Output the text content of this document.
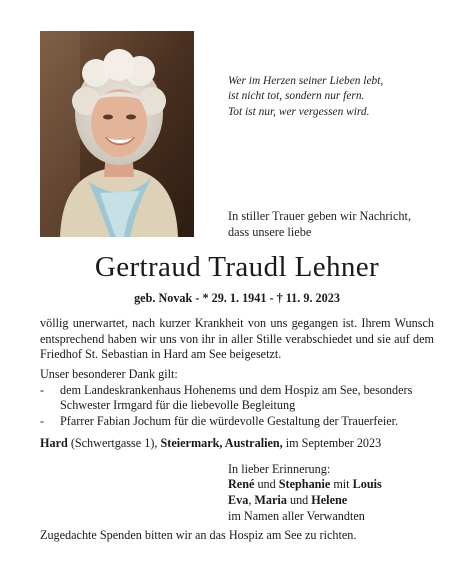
Wer im Herzen seiner Lieben lebt,
ist nicht tot, sondern nur fern.
Tot ist nur, wer vergessen wird.
In stiller Trauer geben wir Nachricht,
dass unsere liebe
Gertraud Traudl Lehner
geb. Novak - * 29. 1. 1941 - † 11. 9. 2023
völlig unerwartet, nach kurzer Krankheit von uns gegangen ist. Ihrem Wunsch entsprechend haben wir uns von ihr in aller Stille verabschiedet und sie auf dem Friedhof St. Sebastian in Hard am See beigesetzt.
Unser besonderer Dank gilt:
-	dem Landeskrankenhaus Hohenems und dem Hospiz am See, besonders
Schwester Irmgard für die liebevolle Begleitung
-	Pfarrer Fabian Jochum für die würdevolle Gestaltung der Trauerfeier.
Hard (Schwertgasse 1), Steiermark, Australien, im September 2023
In lieber Erinnerung:
René und Stephanie mit Louis
Eva, Maria und Helene
im Namen aller Verwandten
Zugedachte Spenden bitten wir an das Hospiz am See zu richten.
